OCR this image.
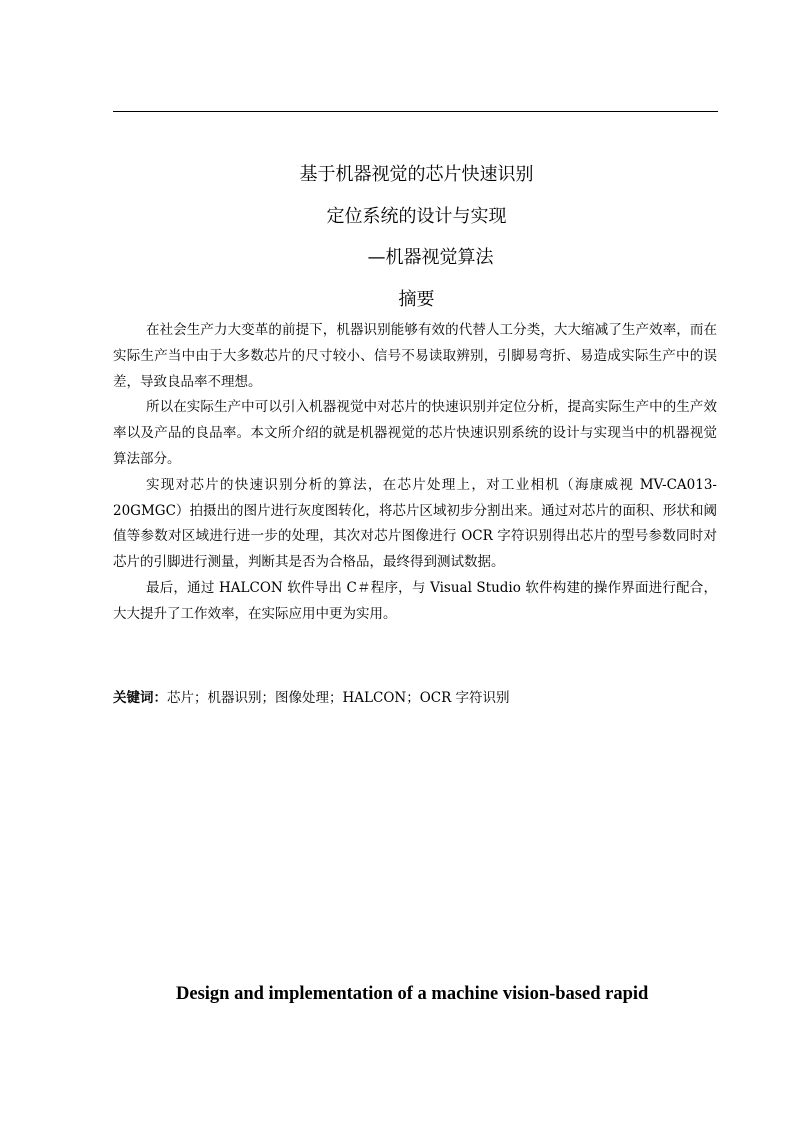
基于机器视觉的芯片快速识别
定位系统的设计与实现
—机器视觉算法
摘要

在社会生产力大变革的前提下，机器识别能够有效的代替人工分类，大大缩减了生产效率，而在实际生产当中由于大多数芯片的尺寸较小、信号不易读取辨别，引脚易弯折、易造成实际生产中的误差，导致良品率不理想。

所以在实际生产中可以引入机器视觉中对芯片的快速识别并定位分析，提高实际生产中的生产效率以及产品的良品率。本文所介绍的就是机器视觉的芯片快速识别系统的设计与实现当中的机器视觉算法部分。

实现对芯片的快速识别分析的算法，在芯片处理上，对工业相机（海康威视 MV-CA013-20GMGC）拍摄出的图片进行灰度图转化，将芯片区域初步分割出来。通过对芯片的面积、形状和阈值等参数对区域进行进一步的处理，其次对芯片图像进行 OCR 字符识别得出芯片的型号参数同时对芯片的引脚进行测量，判断其是否为合格品，最终得到测试数据。

最后，通过 HALCON 软件导出 C＃程序，与 Visual Studio 软件构建的操作界面进行配合，大大提升了工作效率，在实际应用中更为实用。

关键词：芯片；机器识别；图像处理；HALCON；OCR 字符识别
Design and implementation of a machine vision-based rapid
